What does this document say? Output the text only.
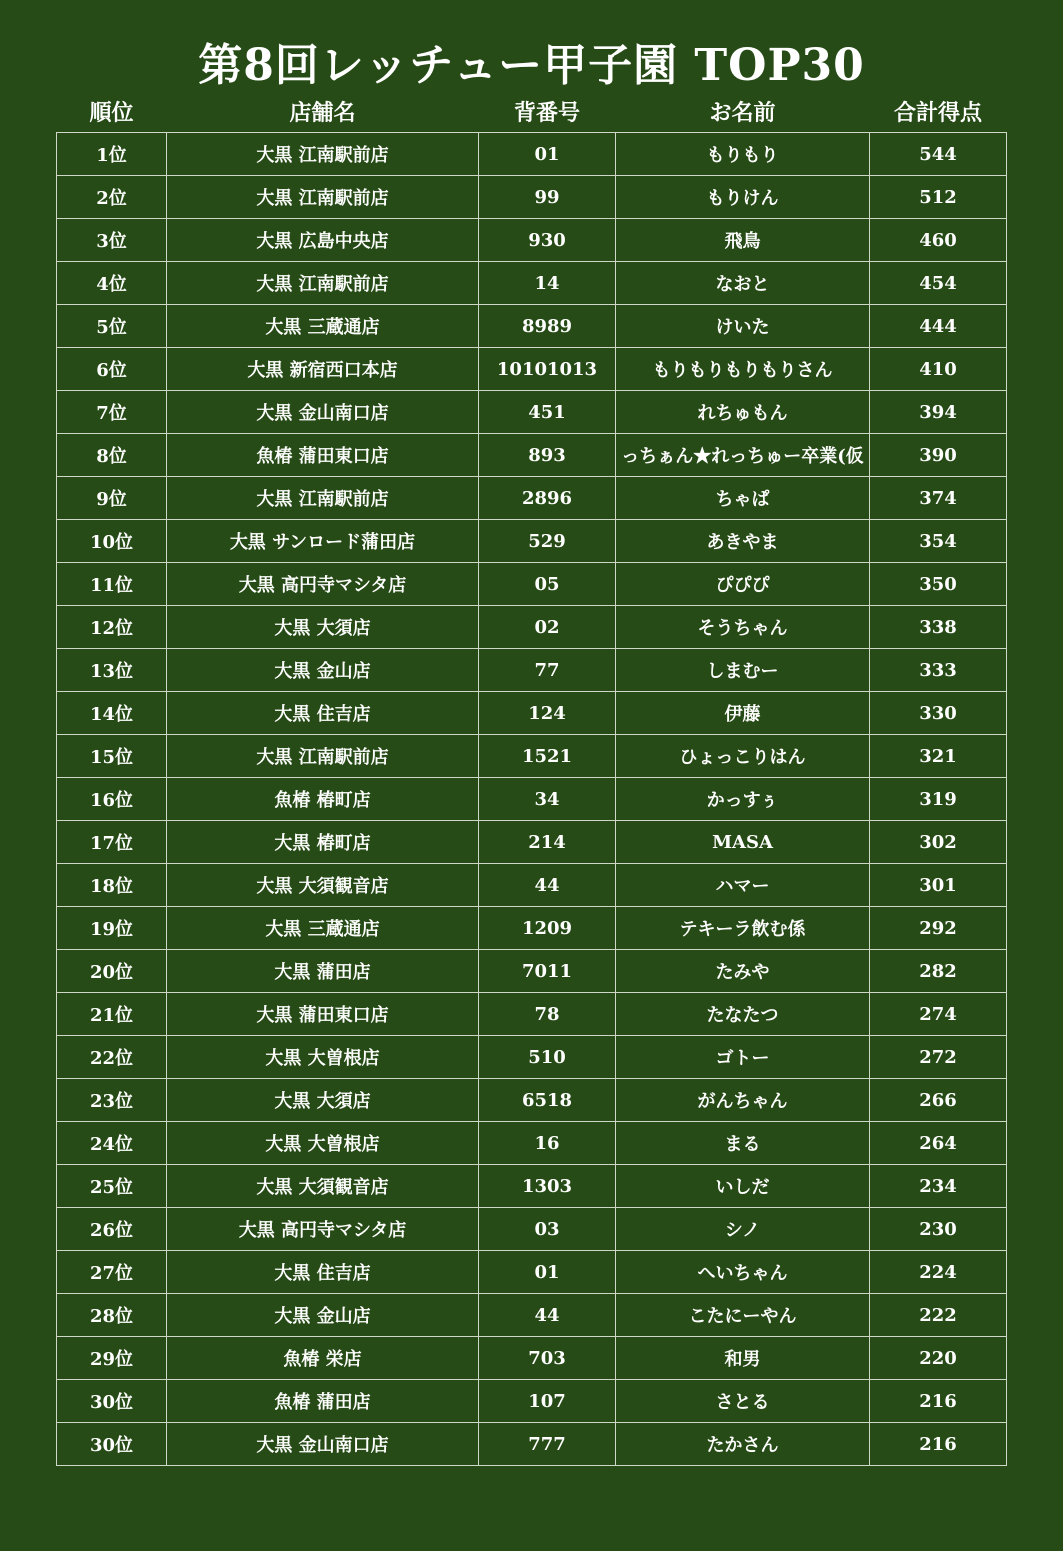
第8回レッチュー甲子園 TOP30
順位	店舗名	背番号	お名前	合計得点
1位	大黒 江南駅前店	01	もりもり	544
2位	大黒 江南駅前店	99	もりけん	512
3位	大黒 広島中央店	930	飛鳥	460
4位	大黒 江南駅前店	14	なおと	454
5位	大黒 三蔵通店	8989	けいた	444
6位	大黒 新宿西口本店	10101013	もりもりもりもりさん	410
7位	大黒 金山南口店	451	れちゅもん	394
8位	魚椿 蒲田東口店	893	っちぁん★れっちゅー卒業(仮	390
9位	大黒 江南駅前店	2896	ちゃぱ	374
10位	大黒 サンロード蒲田店	529	あきやま	354
11位	大黒 高円寺マシタ店	05	ぴぴぴ	350
12位	大黒 大須店	02	そうちゃん	338
13位	大黒 金山店	77	しまむー	333
14位	大黒 住吉店	124	伊藤	330
15位	大黒 江南駅前店	1521	ひょっこりはん	321
16位	魚椿 椿町店	34	かっすぅ	319
17位	大黒 椿町店	214	MASA	302
18位	大黒 大須観音店	44	ハマー	301
19位	大黒 三蔵通店	1209	テキーラ飲む係	292
20位	大黒 蒲田店	7011	たみや	282
21位	大黒 蒲田東口店	78	たなたつ	274
22位	大黒 大曽根店	510	ゴトー	272
23位	大黒 大須店	6518	がんちゃん	266
24位	大黒 大曽根店	16	まる	264
25位	大黒 大須観音店	1303	いしだ	234
26位	大黒 高円寺マシタ店	03	シノ	230
27位	大黒 住吉店	01	へいちゃん	224
28位	大黒 金山店	44	こたにーやん	222
29位	魚椿 栄店	703	和男	220
30位	魚椿 蒲田店	107	さとる	216
30位	大黒 金山南口店	777	たかさん	216
